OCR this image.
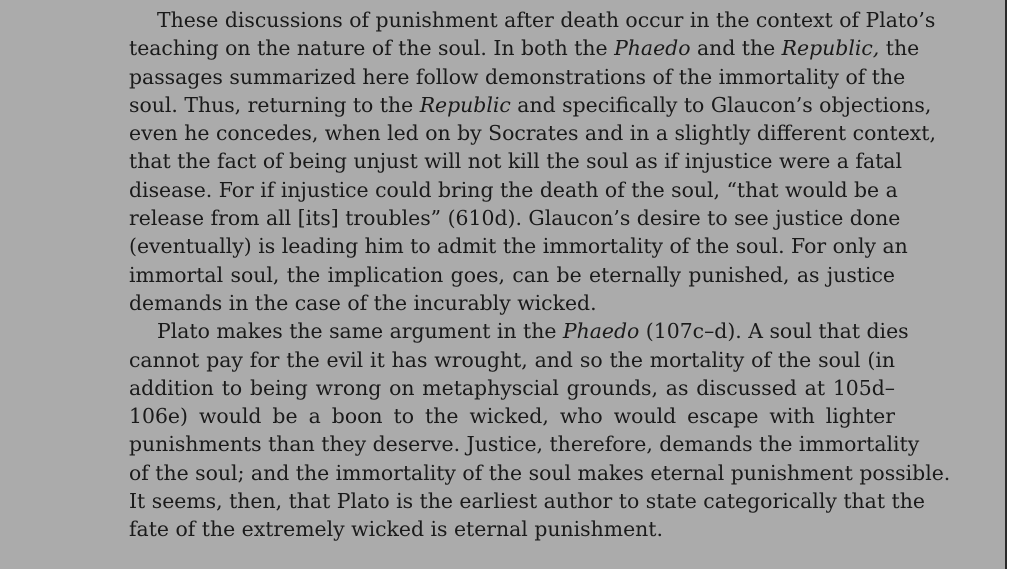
These discussions of punishment after death occur in the context of Plato’s
teaching on the nature of the soul. In both the Phaedo and the Republic, the
passages summarized here follow demonstrations of the immortality of the
soul. Thus, returning to the Republic and specifically to Glaucon’s objections,
even he concedes, when led on by Socrates and in a slightly different context,
that the fact of being unjust will not kill the soul as if injustice were a fatal
disease. For if injustice could bring the death of the soul, “that would be a
release from all [its] troubles” (610d). Glaucon’s desire to see justice done
(eventually) is leading him to admit the immortality of the soul. For only an
immortal soul, the implication goes, can be eternally punished, as justice
demands in the case of the incurably wicked.
Plato makes the same argument in the Phaedo (107c–d). A soul that dies
cannot pay for the evil it has wrought, and so the mortality of the soul (in
addition to being wrong on metaphyscial grounds, as discussed at 105d–
106e) would be a boon to the wicked, who would escape with lighter
punishments than they deserve. Justice, therefore, demands the immortality
of the soul; and the immortality of the soul makes eternal punishment possible.
It seems, then, that Plato is the earliest author to state categorically that the
fate of the extremely wicked is eternal punishment.
